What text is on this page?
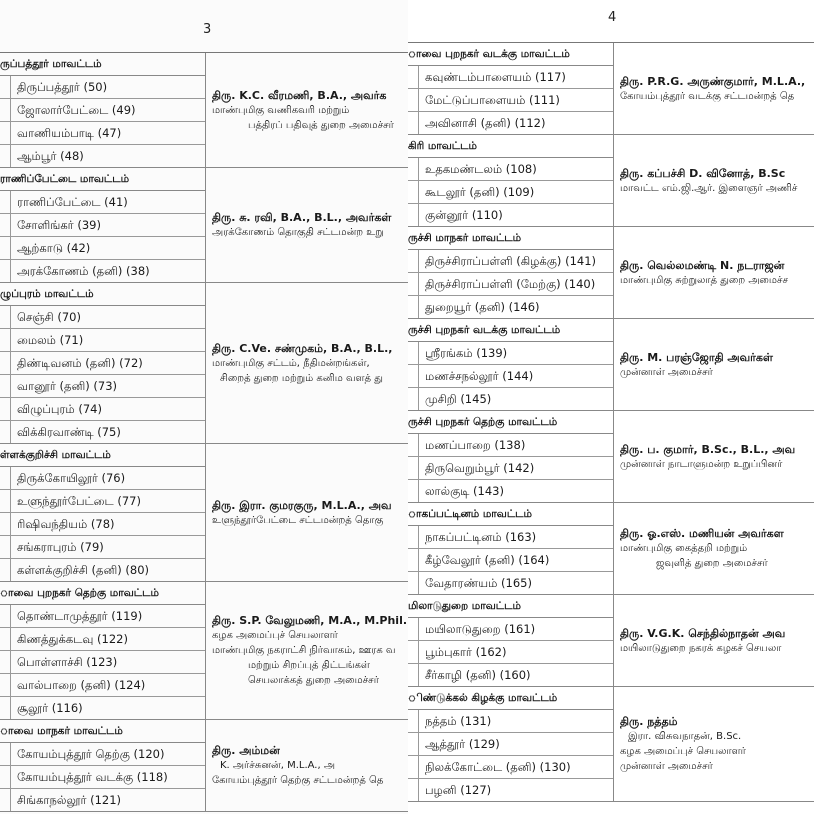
3
ருப்பத்தூர் மாவட்டம்
திருப்பத்தூர் (50)
ஜோலார்பேட்டை (49)
வாணியம்பாடி (47)
ஆம்பூர் (48)
திரு. K.C. வீரமணி, B.A., அவர்க
மாண்புமிகு வணிகவரி மற்றும்
பத்திரப் பதிவுத் துறை அமைச்சர்
ராணிப்பேட்டை மாவட்டம்
ராணிப்பேட்டை (41)
சோளிங்கர் (39)
ஆற்காடு (42)
அரக்கோணம் (தனி) (38)
திரு. சு. ரவி, B.A., B.L., அவர்கள்
அரக்கோணம் தொகுதி சட்டமன்ற உறு
ழுப்புரம் மாவட்டம்
செஞ்சி (70)
மைலம் (71)
திண்டிவனம் (தனி) (72)
வானூர் (தனி) (73)
விழுப்புரம் (74)
விக்கிரவாண்டி (75)
திரு. C.Ve. சண்முகம், B.A., B.L.,
மாண்புமிகு சட்டம், நீதிமன்றங்கள்,
சிறைத் துறை மற்றும் கனிம வளத் து
ள்ளக்குறிச்சி மாவட்டம்
திருக்கோயிலூர் (76)
உளுந்தூர்பேட்டை (77)
ரிஷிவந்தியம் (78)
சங்கராபுரம் (79)
கள்ளக்குறிச்சி (தனி) (80)
திரு. இரா. குமரகுரு, M.L.A., அவ
உளுந்தூர்பேட்டை சட்டமன்றத் தொகு
ாவை புறநகர் தெற்கு மாவட்டம்
தொண்டாமுத்தூர் (119)
கிணத்துக்கடவு (122)
பொள்ளாச்சி (123)
வால்பாறை (தனி) (124)
சூலூர் (116)
திரு. S.P. வேலுமணி, M.A., M.Phil.
கழக அமைப்புச் செயலாளர்
மாண்புமிகு நகராட்சி நிர்வாகம், ஊரக வ
மற்றும் சிறப்புத் திட்டங்கள்
செயலாக்கத் துறை அமைச்சர்
ாவை மாநகர் மாவட்டம்
கோயம்புத்தூர் தெற்கு (120)
கோயம்புத்தூர் வடக்கு (118)
சிங்காநல்லூர் (121)
திரு. அம்மன்
K. அர்ச்சுனன், M.L.A., அ
கோயம்புத்தூர் தெற்கு சட்டமன்றத் தெ
4
ாவை புறநகர் வடக்கு மாவட்டம்
கவுண்டம்பாளையம் (117)
மேட்டுப்பாளையம் (111)
அவினாசி (தனி) (112)
திரு. P.R.G. அருண்குமார், M.L.A.,
கோயம்புத்தூர் வடக்கு சட்டமன்றத் தெ
கிரி மாவட்டம்
உதகமண்டலம் (108)
கூடலூர் (தனி) (109)
குன்னூர் (110)
திரு. கப்பச்சி D. வினோத், B.Sc
மாவட்ட எம்.ஜி.ஆர். இளைஞர் அணிச்
ருச்சி மாநகர் மாவட்டம்
திருச்சிராப்பள்ளி (கிழக்கு) (141)
திருச்சிராப்பள்ளி (மேற்கு) (140)
துறையூர் (தனி) (146)
திரு. வெல்லமண்டி N. நடராஜன்
மாண்புமிகு சுற்றுலாத் துறை அமைச்ச
ருச்சி புறநகர் வடக்கு மாவட்டம்
ஸ்ரீரங்கம் (139)
மணச்சநல்லூர் (144)
முசிறி (145)
திரு. M. பரஞ்ஜோதி அவர்கள்
முன்னாள் அமைச்சர்
ருச்சி புறநகர் தெற்கு மாவட்டம்
மணப்பாறை (138)
திருவெறும்பூர் (142)
லால்குடி (143)
திரு. ப. குமார், B.Sc., B.L., அவ
முன்னாள் நாடாளுமன்ற உறுப்பினர்
ாகப்பட்டினம் மாவட்டம்
நாகப்பட்டினம் (163)
கீழ்வேலூர் (தனி) (164)
வேதாரண்யம் (165)
திரு. ஓ.எஸ். மணியன் அவர்கள
மாண்புமிகு கைத்தறி மற்றும்
ஜவுளித் துறை அமைச்சர்
மிலாடுதுறை மாவட்டம்
மயிலாடுதுறை (161)
பூம்புகார் (162)
சீர்காழி (தனி) (160)
திரு. V.G.K. செந்தில்நாதன் அவ
மயிலாடுதுறை நகரக் கழகச் செயலா
ிண்டுக்கல் கிழக்கு மாவட்டம்
நத்தம் (131)
ஆத்தூர் (129)
நிலக்கோட்டை (தனி) (130)
பழனி (127)
திரு. நத்தம்
இரா. விசுவநாதன், B.Sc.
கழக அமைப்புச் செயலாளர்
முன்னாள் அமைச்சர்
